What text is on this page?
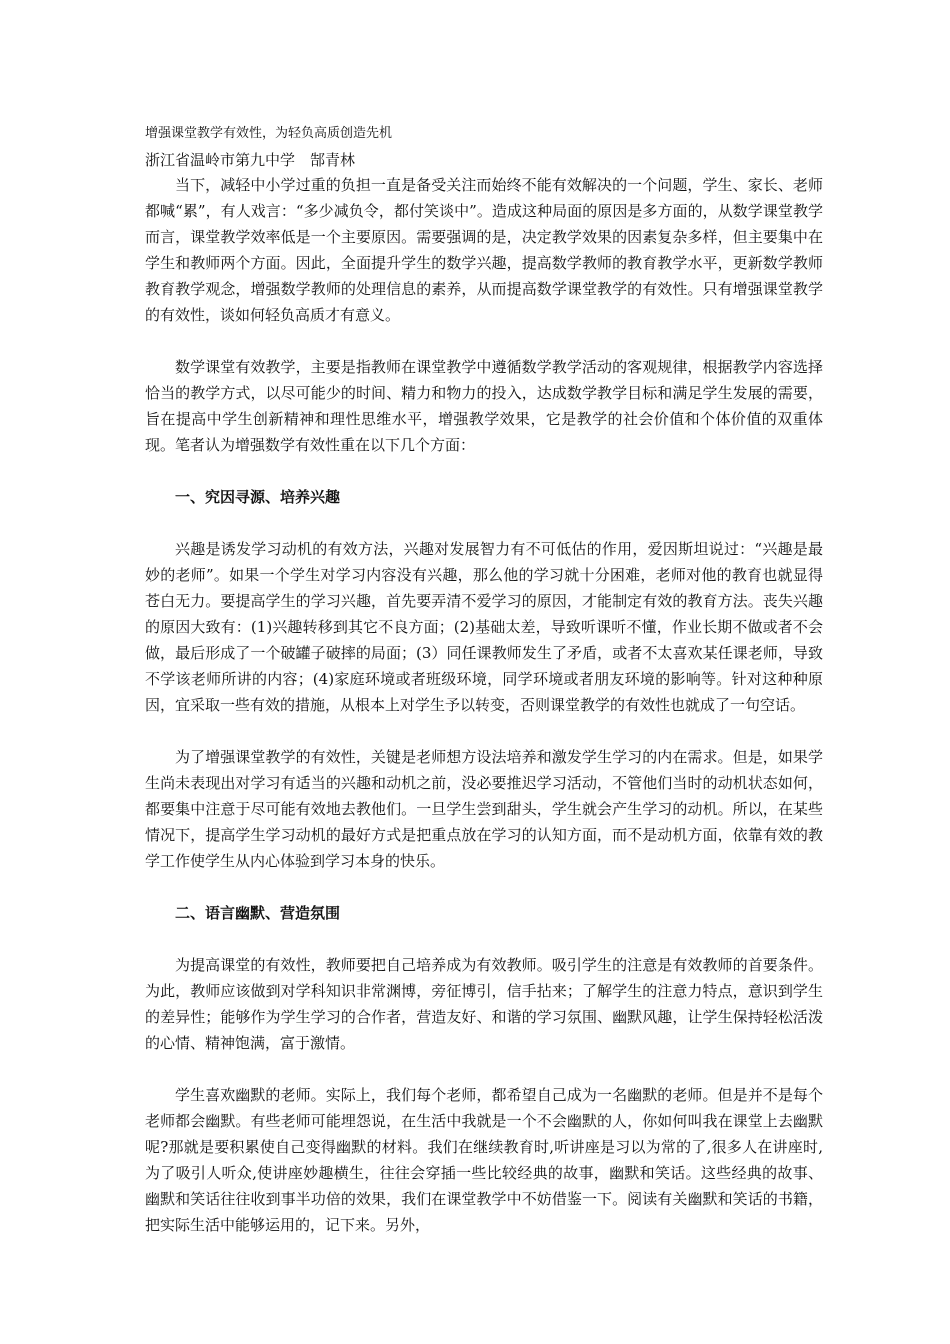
增强课堂教学有效性，为轻负高质创造先机

浙江省温岭市第九中学　郜青林

当下，减轻中小学过重的负担一直是备受关注而始终不能有效解决的一个问题，学生、家长、老师都喊“累”，有人戏言：“多少减负令，都付笑谈中”。造成这种局面的原因是多方面的，从数学课堂教学而言，课堂教学效率低是一个主要原因。需要强调的是，决定教学效果的因素复杂多样，但主要集中在学生和教师两个方面。因此，全面提升学生的数学兴趣，提高数学教师的教育教学水平，更新数学教师教育教学观念，增强数学教师的处理信息的素养，从而提高数学课堂教学的有效性。只有增强课堂教学的有效性，谈如何轻负高质才有意义。

数学课堂有效教学，主要是指教师在课堂教学中遵循数学教学活动的客观规律，根据教学内容选择恰当的教学方式，以尽可能少的时间、精力和物力的投入，达成数学教学目标和满足学生发展的需要，旨在提高中学生创新精神和理性思维水平，增强教学效果，它是教学的社会价值和个体价值的双重体现。笔者认为增强数学有效性重在以下几个方面：

一、究因寻源、培养兴趣

兴趣是诱发学习动机的有效方法，兴趣对发展智力有不可低估的作用，爱因斯坦说过：“兴趣是最妙的老师”。如果一个学生对学习内容没有兴趣，那么他的学习就十分困难，老师对他的教育也就显得苍白无力。要提高学生的学习兴趣，首先要弄清不爱学习的原因，才能制定有效的教育方法。丧失兴趣的原因大致有：(1)兴趣转移到其它不良方面；(2)基础太差，导致听课听不懂，作业长期不做或者不会做，最后形成了一个破罐子破摔的局面；(3）同任课教师发生了矛盾，或者不太喜欢某任课老师，导致不学该老师所讲的内容；(4)家庭环境或者班级环境，同学环境或者朋友环境的影响等。针对这种种原因，宜采取一些有效的措施，从根本上对学生予以转变，否则课堂教学的有效性也就成了一句空话。

为了增强课堂教学的有效性，关键是老师想方设法培养和激发学生学习的内在需求。但是，如果学生尚未表现出对学习有适当的兴趣和动机之前，没必要推迟学习活动，不管他们当时的动机状态如何，都要集中注意于尽可能有效地去教他们。一旦学生尝到甜头，学生就会产生学习的动机。所以，在某些情况下，提高学生学习动机的最好方式是把重点放在学习的认知方面，而不是动机方面，依靠有效的教学工作使学生从内心体验到学习本身的快乐。

二、语言幽默、营造氛围

为提高课堂的有效性，教师要把自己培养成为有效教师。吸引学生的注意是有效教师的首要条件。为此，教师应该做到对学科知识非常渊博，旁征博引，信手拈来；了解学生的注意力特点，意识到学生的差异性；能够作为学生学习的合作者，营造友好、和谐的学习氛围、幽默风趣，让学生保持轻松活泼的心情、精神饱满，富于激情。

学生喜欢幽默的老师。实际上，我们每个老师，都希望自己成为一名幽默的老师。但是并不是每个老师都会幽默。有些老师可能埋怨说，在生活中我就是一个不会幽默的人，你如何叫我在课堂上去幽默呢?那就是要积累使自己变得幽默的材料。我们在继续教育时,听讲座是习以为常的了,很多人在讲座时,为了吸引人听众,使讲座妙趣横生，往往会穿插一些比较经典的故事，幽默和笑话。这些经典的故事、幽默和笑话往往收到事半功倍的效果，我们在课堂教学中不妨借鉴一下。阅读有关幽默和笑话的书籍，把实际生活中能够运用的，记下来。另外，
